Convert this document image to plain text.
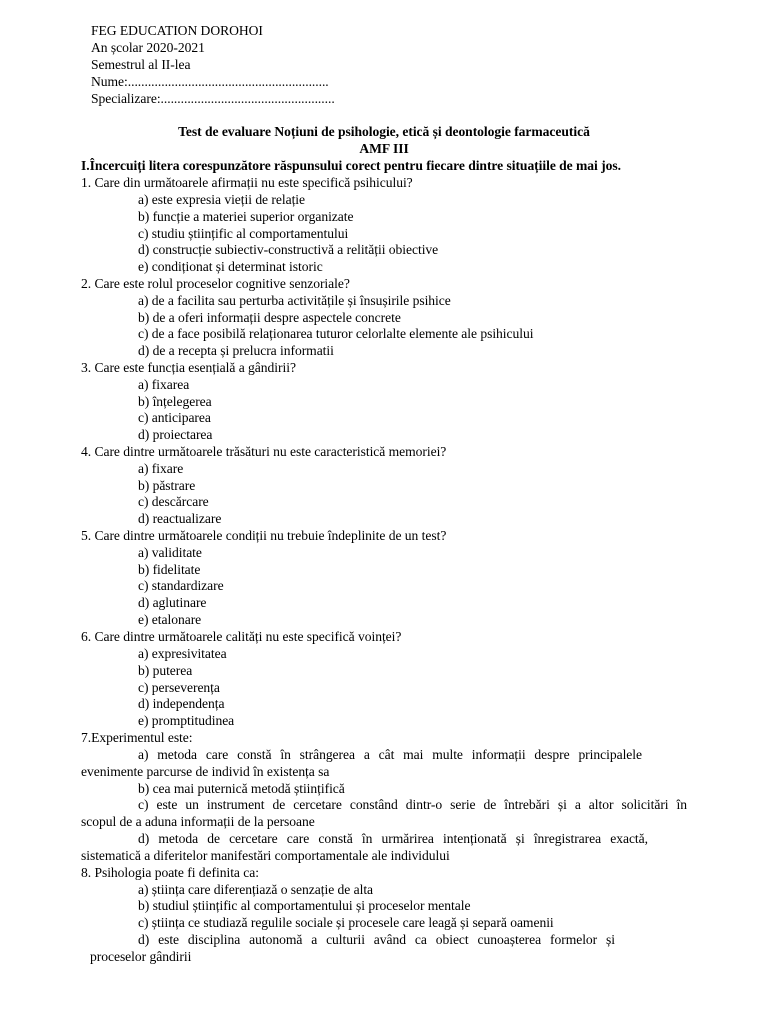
FEG EDUCATION DOROHOI
An școlar 2020-2021
Semestrul al II-lea
Nume:............................................................
Specializare:....................................................
Test de evaluare Noțiuni de psihologie, etică și deontologie farmaceutică
AMF III
I.Încercuiți litera corespunzătore răspunsului corect pentru fiecare dintre situațiile de mai jos.
1. Care din următoarele afirmații nu este specifică psihicului?
a) este expresia vieții de relație
b) funcție a materiei superior organizate
c) studiu științific al comportamentului
d) construcție subiectiv-constructivă a relității obiective
e) condiționat și determinat istoric
2. Care este rolul proceselor cognitive senzoriale?
a) de a facilita sau perturba activitățile și însușirile psihice
b) de a oferi informații despre aspectele concrete
c) de a face posibilă relaționarea tuturor celorlalte elemente ale psihicului
d) de a recepta și prelucra informatii
3. Care este funcția esențială a gândirii?
a) fixarea
b) înțelegerea
c) anticiparea
d) proiectarea
4. Care dintre următoarele trăsături nu este caracteristică memoriei?
a) fixare
b) păstrare
c) descărcare
d) reactualizare
5. Care dintre următoarele condiții nu trebuie îndeplinite de un test?
a) validitate
b) fidelitate
c) standardizare
d) aglutinare
e) etalonare
6. Care dintre următoarele calități nu este specifică voinței?
a) expresivitatea
b) puterea
c) perseverența
d) independența
e) promptitudinea
7.Experimentul este:
a) metoda care constă în strângerea a cât mai multe informații despre principalele
evenimente parcurse de individ în existența sa
b) cea mai puternică metodă științifică
c) este un instrument de cercetare constând dintr-o serie de întrebări și a altor solicitări în
scopul de a aduna informații de la persoane
d) metoda de cercetare care constă în urmărirea intenționată și înregistrarea exactă,
sistematică a diferitelor manifestări comportamentale ale individului
8. Psihologia poate fi definita ca:
a) știința care diferențiază o senzație de alta
b) studiul științific al comportamentului și proceselor mentale
c) știința ce studiază regulile sociale și procesele care leagă și separă oamenii
d) este disciplina autonomă a culturii având ca obiect cunoașterea formelor și
proceselor gândirii
